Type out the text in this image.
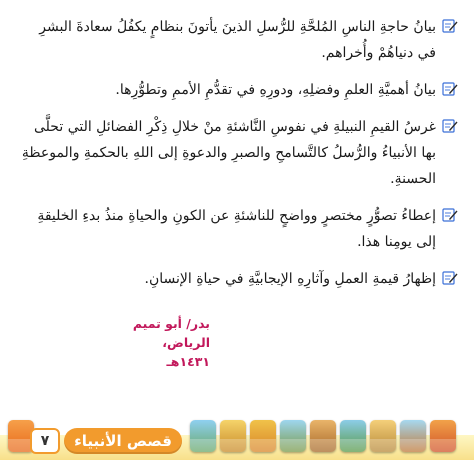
بيانُ حاجةِ الناسِ المُلحَّةِ للرُّسلِ الذينَ يأتونَ بنظامٍ يكفُلُ سعادةَ البشرِ في دنياهُمْ وأُخراهم.
بيانُ أهميَّةِ العلمِ وفضلِهِ، ودورِهِ في تقدُّمِ الأممِ وتطوُّرِها.
غرسُ القيمِ النبيلةِ في نفوسِ النَّاشئةِ منْ خلالِ ذِكْرِ الفضائلِ التي تحلَّى بها الأنبياءُ والرُّسلُ كالتَّسامحِ والصبرِ والدعوةِ إلى اللهِ بالحكمةِ والموعظةِ الحسنةِ.
إعطاءُ تصوُّرٍ مختصرٍ وواضحٍ للناشئةِ عن الكونِ والحياةِ منذُ بدءِ الخليقةِ إلى يومِنا هذا.
إظهارُ قيمةِ العملِ وآثارِهِ الإيجابيَّةِ في حياةِ الإنسانِ.
بدر/ أبو تميم
الرياض، ١٤٣١هـ
قصص الأنبياء
٧
